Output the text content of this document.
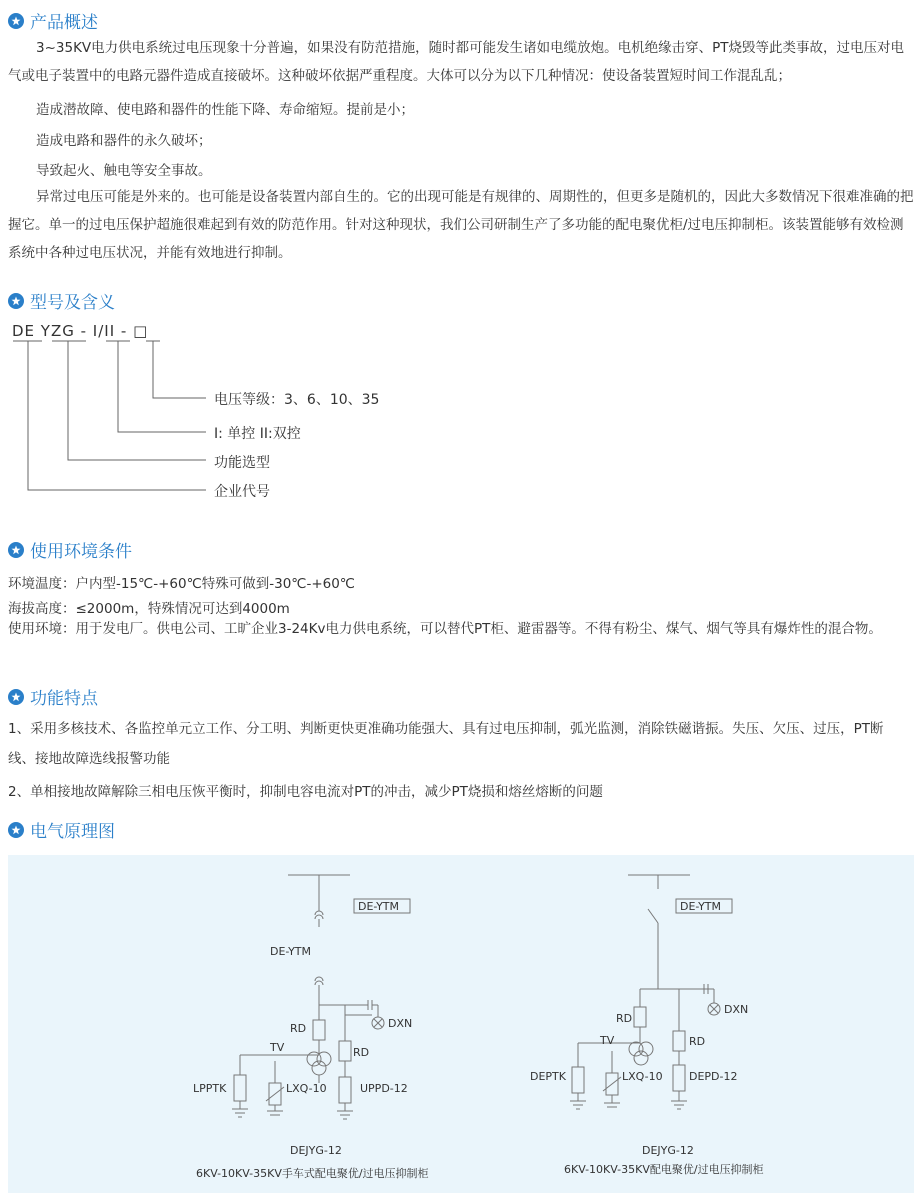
产品概述
3~35KV电力供电系统过电压现象十分普遍，如果没有防范措施，随时都可能发生诸如电缆放炮。电机绝缘击穿、PT烧毁等此类事故，过电压对电气或电子装置中的电路元器件造成直接破坏。这种破坏依据严重程度。大体可以分为以下几种情况：使设备装置短时间工作混乱乱；
造成潜故障、使电路和器件的性能下降、寿命缩短。提前是小；
造成电路和器件的永久破坏；
导致起火、触电等安全事故。
异常过电压可能是外来的。也可能是设备装置内部自生的。它的出现可能是有规律的、周期性的，但更多是随机的，因此大多数情况下很难准确的把握它。单一的过电压保护超施很难起到有效的防范作用。针对这种现状，我们公司研制生产了多功能的配电聚优柜/过电压抑制柜。该装置能够有效检测系统中各种过电压状况，并能有效地进行抑制。
型号及含义
DE YZG - I/II - □
电压等级：3、6、10、35
I: 单控 II:双控
功能选型
企业代号
使用环境条件
环境温度：户内型-15℃-+60℃特殊可做到-30℃-+60℃
海拔高度：≤2000m，特殊情况可达到4000m
使用环境：用于发电厂。供电公司、工旷企业3-24Kv电力供电系统，可以替代PT柜、避雷器等。不得有粉尘、煤气、烟气等具有爆炸性的混合物。
功能特点
1、采用多核技术、各监控单元立工作、分工明、判断更快更准确功能强大、具有过电压抑制，弧光监测，消除铁磁谐振。失压、欠压、过压，PT断线、接地故障选线报警功能
2、单相接地故障解除三相电压恢平衡时，抑制电容电流对PT的冲击，减少PT烧损和熔丝熔断的问题
电气原理图
DE-YTM
DE-YTM
RD	DXN
TV	RD
LPPTK	LXQ-10	UPPD-12
DEJYG-12
6KV-10KV-35KV手车式配电聚优/过电压抑制柜
DE-YTM
RD
DXN
TV	RD
DEPTK	LXQ-10 DEPD-12
DEJYG-12
6KV-10KV-35KV配电聚优/过电压抑制柜
